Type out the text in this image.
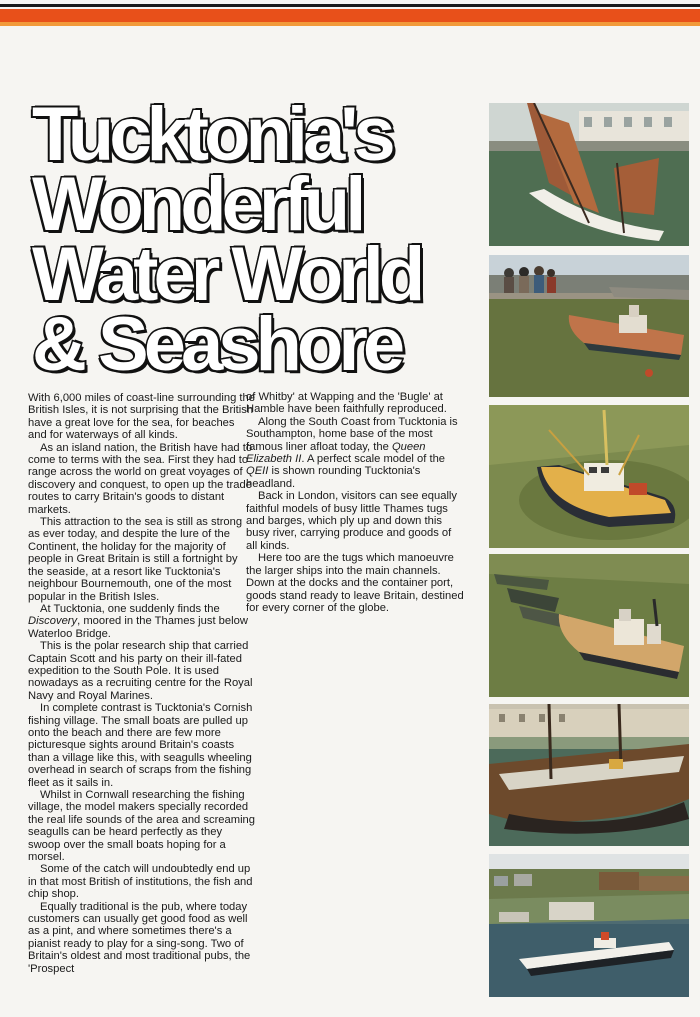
Tucktonia's
Wonderful
Water World
& Seashore

With 6,000 miles of coast-line surrounding the British Isles, it is not surprising that the British have a great love for the sea, for beaches and for waterways of all kinds.

As an island nation, the British have had to come to terms with the sea. First they had to range across the world on great voyages of discovery and conquest, to open up the trade routes to carry Britain's goods to distant markets.

This attraction to the sea is still as strong as ever today, and despite the lure of the Continent, the holiday for the majority of people in Great Britain is still a fortnight by the seaside, at a resort like Tucktonia's neighbour Bournemouth, one of the most popular in the British Isles.

At Tucktonia, one suddenly finds the Discovery, moored in the Thames just below Waterloo Bridge.

This is the polar research ship that carried Captain Scott and his party on their ill-fated expedition to the South Pole. It is used nowadays as a recruiting centre for the Royal Navy and Royal Marines.

In complete contrast is Tucktonia's Cornish fishing village. The small boats are pulled up onto the beach and there are few more picturesque sights around Britain's coasts than a village like this, with seagulls wheeling overhead in search of scraps from the fishing fleet as it sails in.

Whilst in Cornwall researching the fishing village, the model makers specially recorded the real life sounds of the area and screaming seagulls can be heard perfectly as they swoop over the small boats hoping for a morsel.

Some of the catch will undoubtedly end up in that most British of institutions, the fish and chip shop.

Equally traditional is the pub, where today customers can usually get good food as well as a pint, and where sometimes there's a pianist ready to play for a sing-song. Two of Britain's oldest and most traditional pubs, the 'Prospect

of Whitby' at Wapping and the 'Bugle' at Hamble have been faithfully reproduced.

Along the South Coast from Tucktonia is Southampton, home base of the most famous liner afloat today, the Queen Elizabeth II. A perfect scale model of the QEII is shown rounding Tucktonia's headland.

Back in London, visitors can see equally faithful models of busy little Thames tugs and barges, which ply up and down this busy river, carrying produce and goods of all kinds.

Here too are the tugs which manoeuvre the larger ships into the main channels. Down at the docks and the container port, goods stand ready to leave Britain, destined for every corner of the globe.
